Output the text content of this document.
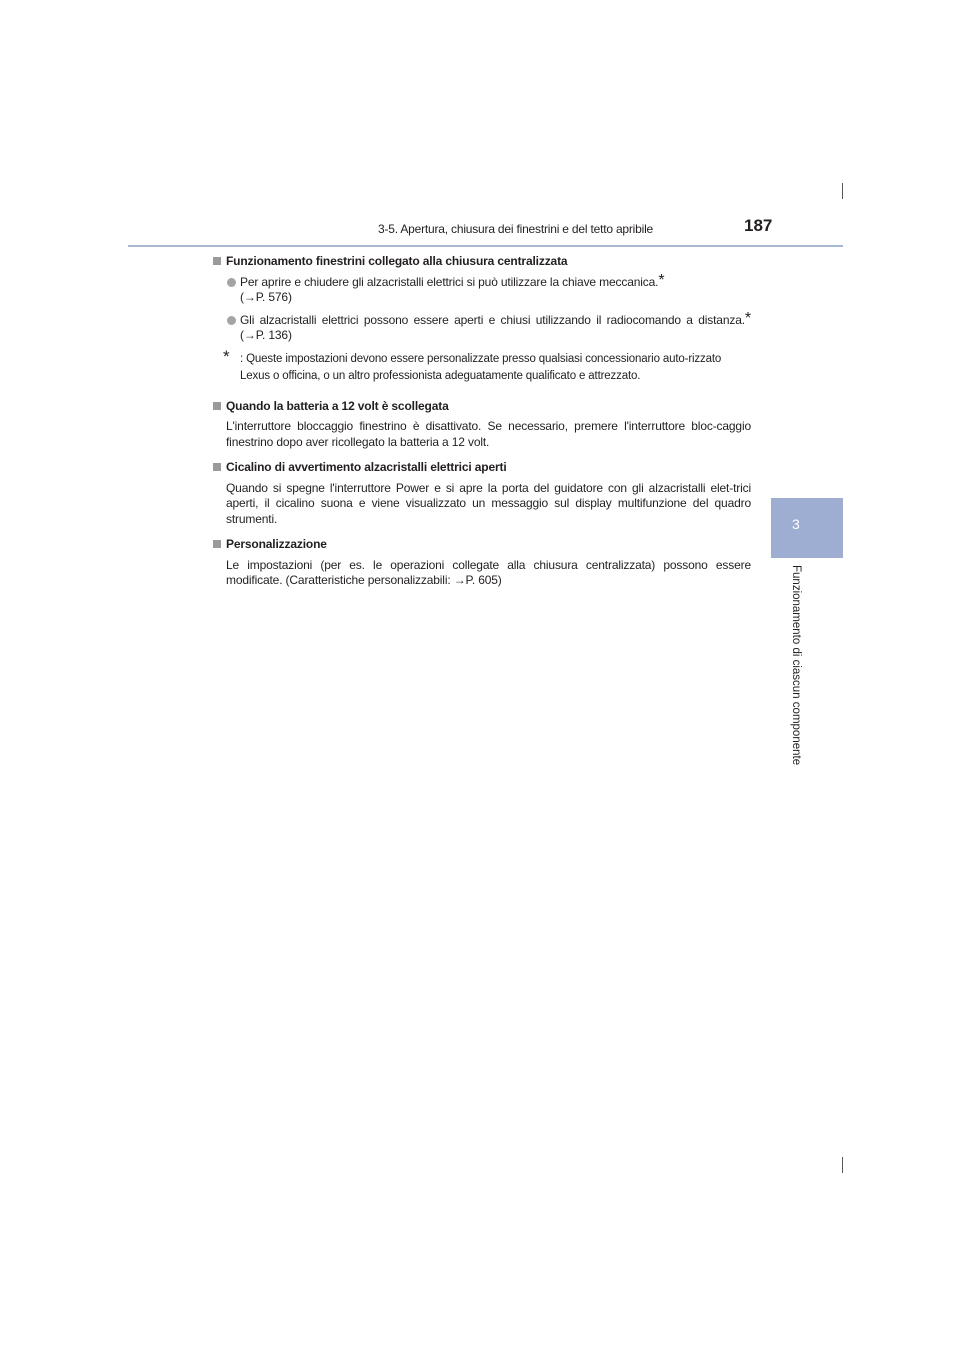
3-5. Apertura, chiusura dei finestrini e del tetto apribile	187
3
Funzionamento di ciascun componente
Funzionamento finestrini collegato alla chiusura centralizzata
Per aprire e chiudere gli alzacristalli elettrici si può utilizzare la chiave meccanica.*
(→P. 576)
Gli alzacristalli elettrici possono essere aperti e chiusi utilizzando il radiocomando a distanza.* (→P. 136)
* : Queste impostazioni devono essere personalizzate presso qualsiasi concessionario auto-rizzato Lexus o officina, o un altro professionista adeguatamente qualificato e attrezzato.
Quando la batteria a 12 volt è scollegata
L'interruttore bloccaggio finestrino è disattivato. Se necessario, premere l'interruttore bloc-caggio finestrino dopo aver ricollegato la batteria a 12 volt.
Cicalino di avvertimento alzacristalli elettrici aperti
Quando si spegne l'interruttore Power e si apre la porta del guidatore con gli alzacristalli elet-trici aperti, il cicalino suona e viene visualizzato un messaggio sul display multifunzione del quadro strumenti.
Personalizzazione
Le impostazioni (per es. le operazioni collegate alla chiusura centralizzata) possono essere modificate. (Caratteristiche personalizzabili: →P. 605)
